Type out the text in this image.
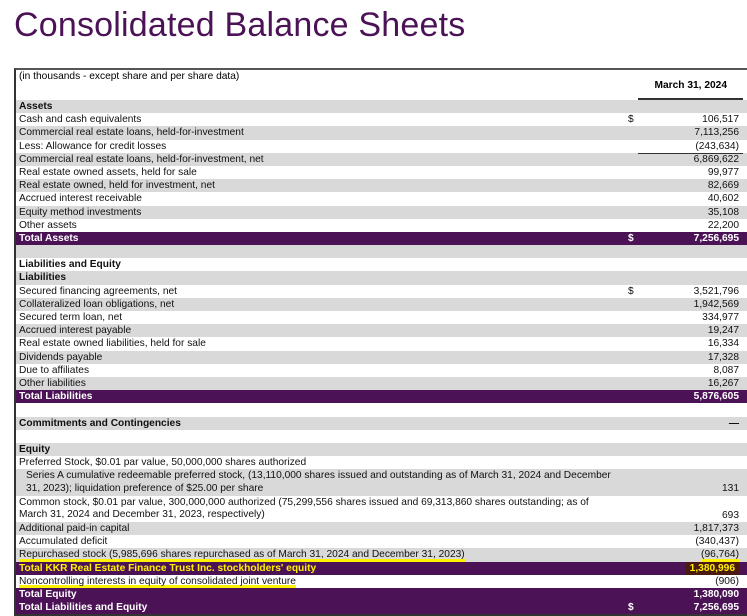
Consolidated Balance Sheets
(in thousands - except share and per share data)
March 31, 2024
Assets
Cash and cash equivalents	$	106,517
Commercial real estate loans, held-for-investment	7,113,256
Less: Allowance for credit losses	(243,634)
Commercial real estate loans, held-for-investment, net	6,869,622
Real estate owned assets, held for sale	99,977
Real estate owned, held for investment, net	82,669
Accrued interest receivable	40,602
Equity method investments	35,108
Other assets	22,200
Total Assets	$	7,256,695
Liabilities and Equity
Liabilities
Secured financing agreements, net	$	3,521,796
Collateralized loan obligations, net	1,942,569
Secured term loan, net	334,977
Accrued interest payable	19,247
Real estate owned liabilities, held for sale	16,334
Dividends payable	17,328
Due to affiliates	8,087
Other liabilities	16,267
Total Liabilities	5,876,605
Commitments and Contingencies	—
Equity
Preferred Stock, $0.01 par value, 50,000,000 shares authorized
Series A cumulative redeemable preferred stock, (13,110,000 shares issued and outstanding as of March 31, 2024 and December 31, 2023); liquidation preference of $25.00 per share	131
Common stock, $0.01 par value, 300,000,000 authorized (75,299,556 shares issued and 69,313,860 shares outstanding; as of March 31, 2024 and December 31, 2023, respectively)	693
Additional paid-in capital	1,817,373
Accumulated deficit	(340,437)
Repurchased stock (5,985,696 shares repurchased as of March 31, 2024 and December 31, 2023)	(96,764)
Total KKR Real Estate Finance Trust Inc. stockholders' equity	1,380,996
Noncontrolling interests in equity of consolidated joint venture	(906)
Total Equity	1,380,090
Total Liabilities and Equity	$	7,256,695
